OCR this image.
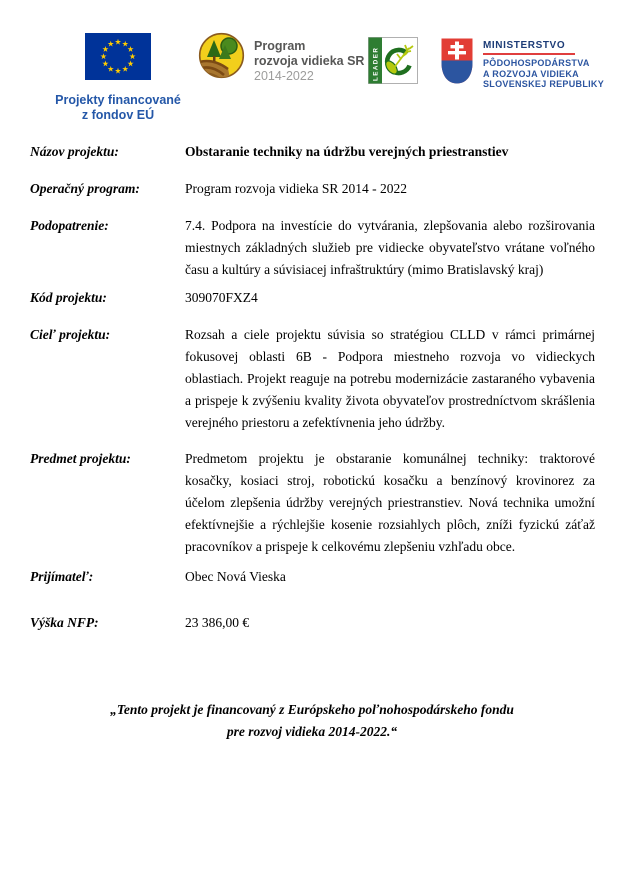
Projekty financované
z fondov EÚ
Program
rozvoja vidieka SR
2014-2022	LEADER
MINISTERSTVO
PÔDOHOSPODÁRSTVA
A ROZVOJA VIDIEKA
SLOVENSKEJ REPUBLIKY
Názov projektu:	Obstaranie techniky na údržbu verejných priestranstiev
Operačný program:	Program rozvoja vidieka SR 2014 - 2022
Podopatrenie:	7.4. Podpora na investície do vytvárania, zlepšovania alebo rozširovania miestnych základných služieb pre vidiecke obyvateľstvo vrátane voľného času a kultúry a súvisiacej infraštruktúry (mimo Bratislavský kraj)
Kód projektu:	309070FXZ4
Cieľ projektu:	Rozsah a ciele projektu súvisia so stratégiou CLLD v rámci primárnej fokusovej oblasti 6B - Podpora miestneho rozvoja vo vidieckych oblastiach. Projekt reaguje na potrebu modernizácie zastaraného vybavenia a prispeje k zvýšeniu kvality života obyvateľov prostredníctvom skrášlenia verejného priestoru a zefektívnenia jeho údržby.
Predmet projektu:	Predmetom projektu je obstaranie komunálnej techniky: traktorové kosačky, kosiaci stroj, robotickú kosačku a benzínový krovinorez za účelom zlepšenia údržby verejných priestranstiev. Nová technika umožní efektívnejšie a rýchlejšie kosenie rozsiahlych plôch, zníži fyzickú záťaž pracovníkov a prispeje k celkovému zlepšeniu vzhľadu obce.
Prijímateľ:	Obec Nová Vieska
Výška NFP:	23 386,00 €
„Tento projekt je financovaný z Európskeho poľnohospodárskeho fondu
pre rozvoj vidieka 2014-2022.“
